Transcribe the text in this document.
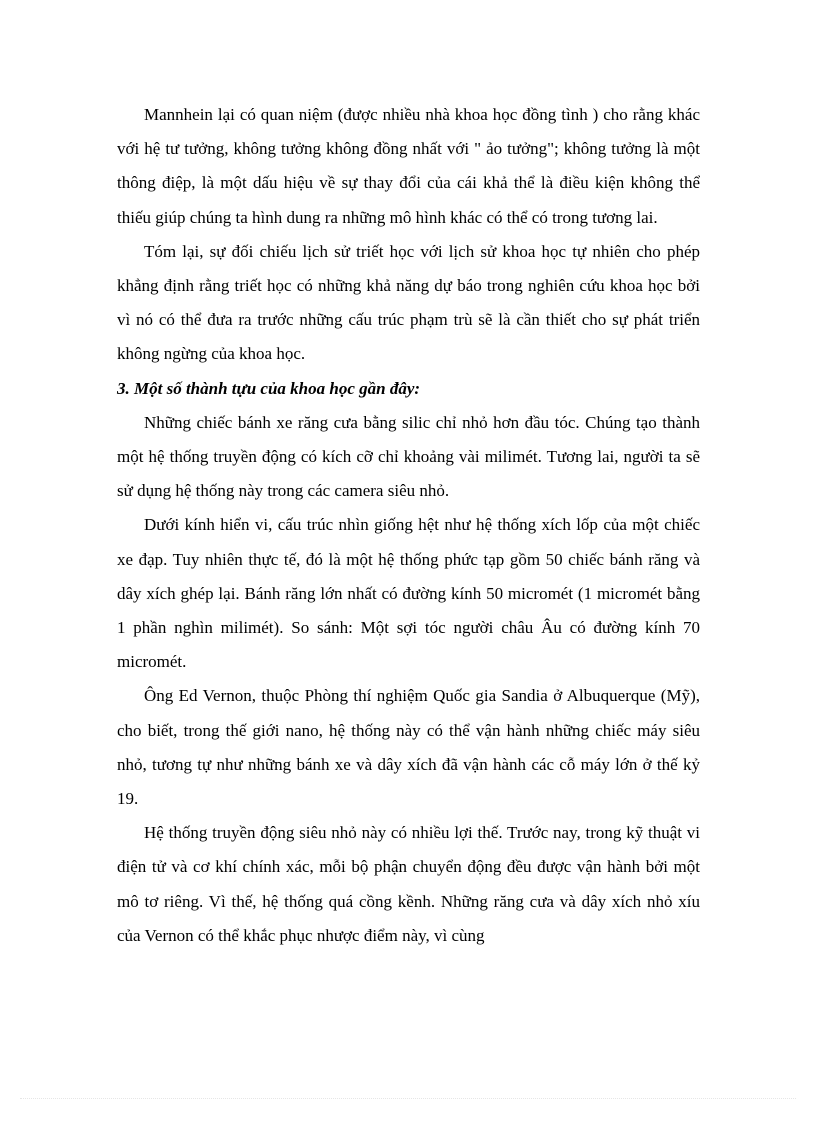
Mannhein lại có quan niệm (được nhiều nhà khoa học đồng tình ) cho rằng khác với hệ tư tưởng, không tưởng không đồng nhất với " ảo tưởng"; không tưởng là một thông điệp, là một dấu hiệu về sự thay đổi của cái khả thể là điều kiện không thể thiếu giúp chúng ta hình dung ra những mô hình khác có thể có trong tương lai.

Tóm lại, sự đối chiếu lịch sử triết học với lịch sử khoa học tự nhiên cho phép khẳng định rằng triết học có những khả năng dự báo trong nghiên cứu khoa học bởi vì nó có thể đưa ra trước những cấu trúc phạm trù sẽ là cần thiết cho sự phát triển không ngừng của khoa học.

3. Một số thành tựu của khoa học gần đây:

Những chiếc bánh xe răng cưa bằng silic chỉ nhỏ hơn đầu tóc. Chúng tạo thành một hệ thống truyền động có kích cỡ chỉ khoảng vài milimét. Tương lai, người ta sẽ sử dụng hệ thống này trong các camera siêu nhỏ.

Dưới kính hiển vi, cấu trúc nhìn giống hệt như hệ thống xích lốp của một chiếc xe đạp. Tuy nhiên thực tế, đó là một hệ thống phức tạp gồm 50 chiếc bánh răng và dây xích ghép lại. Bánh răng lớn nhất có đường kính 50 micromét (1 micromét bằng 1 phần nghìn milimét). So sánh: Một sợi tóc người châu Âu có đường kính 70 micromét.

Ông Ed Vernon, thuộc Phòng thí nghiệm Quốc gia Sandia ở Albuquerque (Mỹ), cho biết, trong thế giới nano, hệ thống này có thể vận hành những chiếc máy siêu nhỏ, tương tự như những bánh xe và dây xích đã vận hành các cỗ máy lớn ở thế kỷ 19.

Hệ thống truyền động siêu nhỏ này có nhiều lợi thế. Trước nay, trong kỹ thuật vi điện tử và cơ khí chính xác, mỗi bộ phận chuyển động đều được vận hành bởi một mô tơ riêng. Vì thế, hệ thống quá cồng kềnh. Những răng cưa và dây xích nhỏ xíu của Vernon có thể khắc phục nhược điểm này, vì cùng
